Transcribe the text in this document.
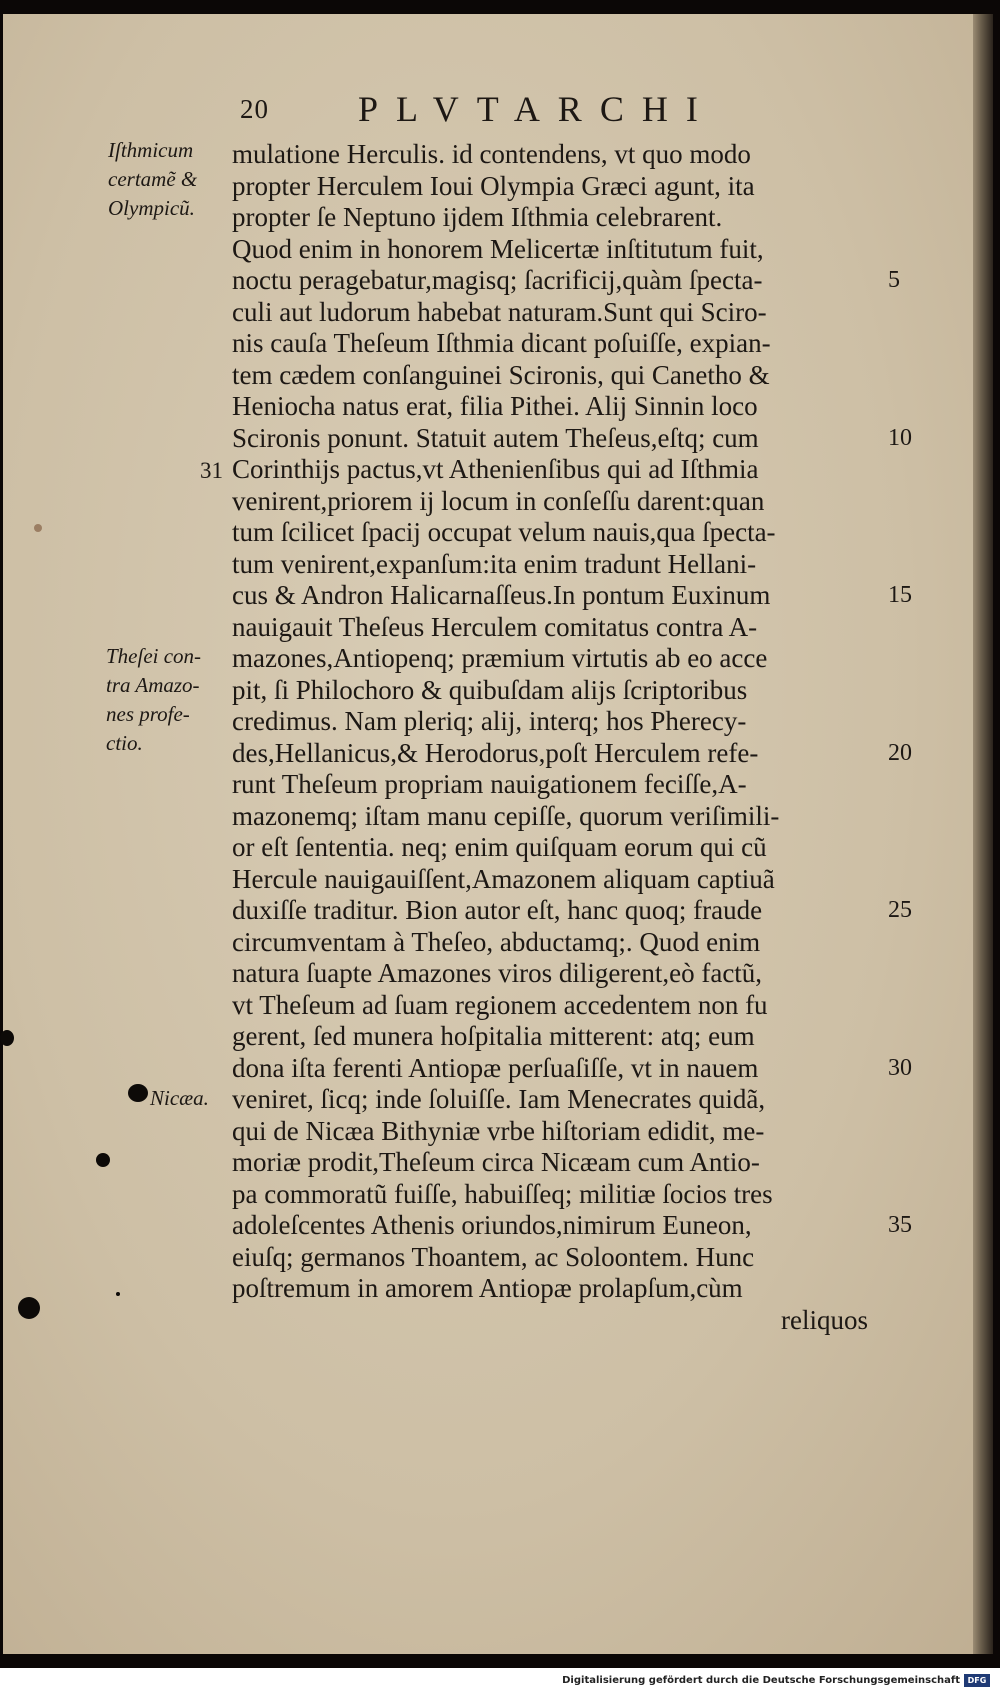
20 PLVTARCHI
mulatione Herculis. id contendens, vt quo modo
propter Herculem Ioui Olympia Græci agunt, ita
propter ſe Neptuno ijdem Iſthmia celebrarent.
Quod enim in honorem Melicertæ inſtitutum fuit,
noctu peragebatur,magisq; ſacrificij,quàm ſpecta-
culi aut ludorum habebat naturam.Sunt qui Sciro-
nis cauſa Theſeum Iſthmia dicant poſuiſſe, expian-
tem cædem conſanguinei Scironis, qui Canetho &
Heniocha natus erat, filia Pithei. Alij Sinnin loco
Scironis ponunt. Statuit autem Theſeus,eſtq; cum
Corinthijs pactus,vt Athenienſibus qui ad Iſthmia
venirent,priorem ij locum in conſeſſu darent:quan
tum ſcilicet ſpacij occupat velum nauis,qua ſpecta-
tum venirent,expanſum:ita enim tradunt Hellani-
cus & Andron Halicarnaſſeus.In pontum Euxinum
nauigauit Theſeus Herculem comitatus contra A-
mazones,Antiopenq; præmium virtutis ab eo acce
pit, ſi Philochoro & quibuſdam alijs ſcriptoribus
credimus. Nam pleriq; alij, interq; hos Pherecy-
des,Hellanicus,& Herodorus,poſt Herculem refe-
runt Theſeum propriam nauigationem feciſſe,A-
mazonemq; iſtam manu cepiſſe, quorum veriſimili-
or eſt ſententia. neq; enim quiſquam eorum qui cũ
Hercule nauigauiſſent,Amazonem aliquam captiuã
duxiſſe traditur. Bion autor eſt, hanc quoq; fraude
circumventam à Theſeo, abductamq;. Quod enim
natura ſuapte Amazones viros diligerent,eò factũ,
vt Theſeum ad ſuam regionem accedentem non fu
gerent, ſed munera hoſpitalia mitterent: atq; eum
dona iſta ferenti Antiopæ perſuaſiſſe, vt in nauem
veniret, ſicq; inde ſoluiſſe. Iam Menecrates quidã,
qui de Nicæa Bithyniæ vrbe hiſtoriam edidit, me-
moriæ prodit,Theſeum circa Nicæam cum Antio-
pa commoratũ fuiſſe, habuiſſeq; militiæ ſocios tres
adoleſcentes Athenis oriundos,nimirum Euneon,
eiuſq; germanos Thoantem, ac Soloontem. Hunc
poſtremum in amorem Antiopæ prolapſum,cùm
reliquos
Iſthmicum
certamẽ &
Olympicũ.
31
Theſei con-
tra Amazo-
nes profe-
ctio.
Nicæa.
5
10
15
20
25
30
35
Digitalisierung gefördert durch die Deutsche Forschungsgemeinschaft DFG
